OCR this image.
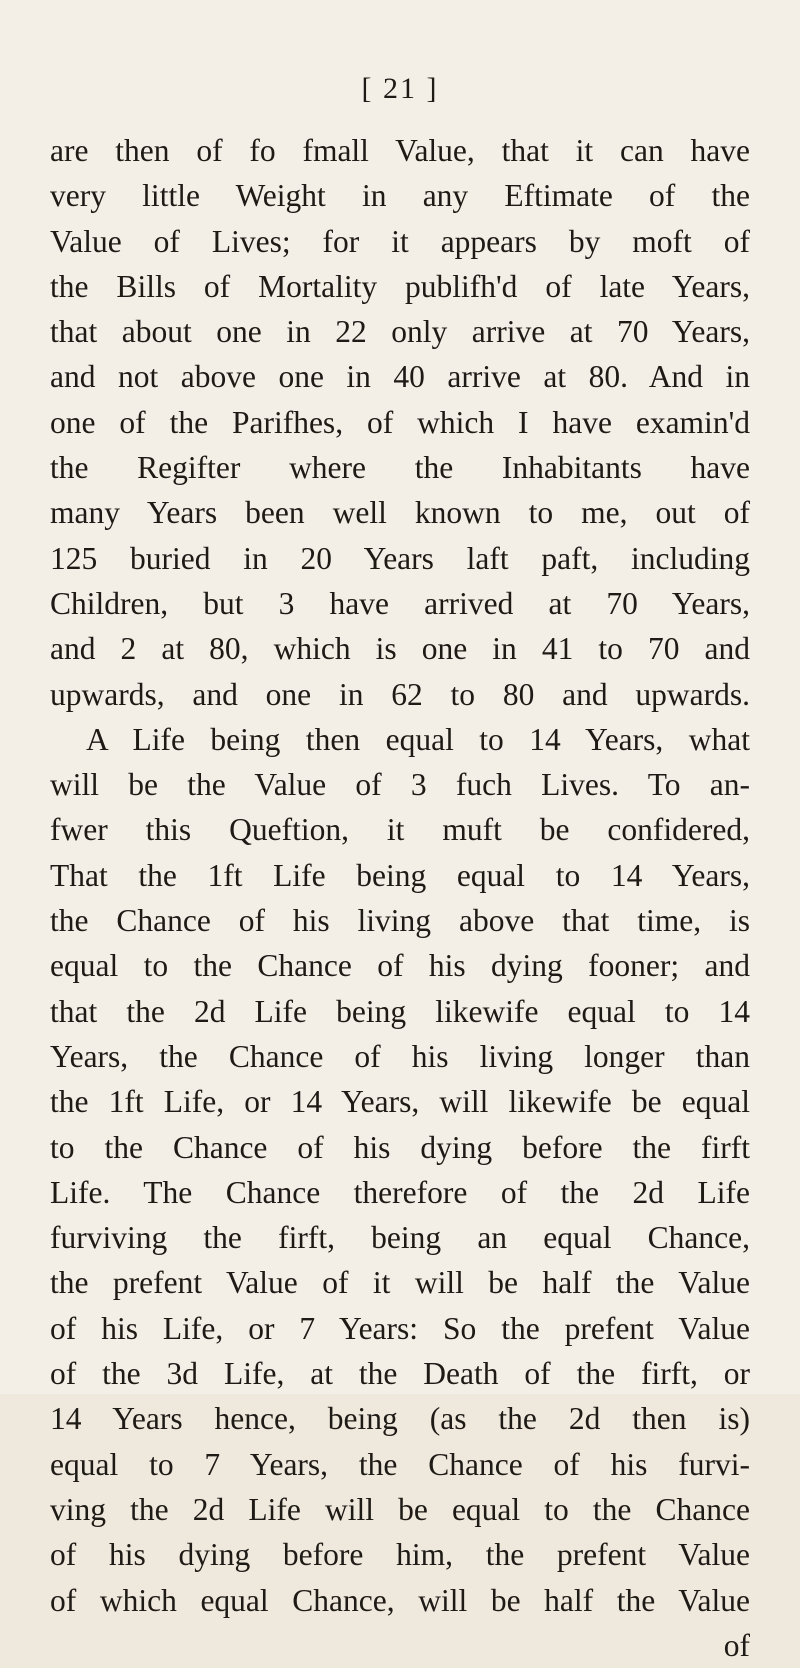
[ 21 ]
are then of fo fmall Value, that it can have
very little Weight in any Eftimate of the
Value of Lives; for it appears by moft of
the Bills of Mortality publifh'd of late Years,
that about one in 22 only arrive at 70 Years,
and not above one in 40 arrive at 80. And in
one of the Parifhes, of which I have examin'd
the Regifter where the Inhabitants have
many Years been well known to me, out of
125 buried in 20 Years laft paft, including
Children, but 3 have arrived at 70 Years,
and 2 at 80, which is one in 41 to 70 and
upwards, and one in 62 to 80 and upwards.
A Life being then equal to 14 Years, what
will be the Value of 3 fuch Lives. To an-
fwer this Queftion, it muft be confidered,
That the 1ft Life being equal to 14 Years,
the Chance of his living above that time, is
equal to the Chance of his dying fooner; and
that the 2d Life being likewife equal to 14
Years, the Chance of his living longer than
the 1ft Life, or 14 Years, will likewife be equal
to the Chance of his dying before the firft
Life. The Chance therefore of the 2d Life
furviving the firft, being an equal Chance,
the prefent Value of it will be half the Value
of his Life, or 7 Years: So the prefent Value
of the 3d Life, at the Death of the firft, or
14 Years hence, being (as the 2d then is)
equal to 7 Years, the Chance of his furvi-
ving the 2d Life will be equal to the Chance
of his dying before him, the prefent Value
of which equal Chance, will be half the Value
of
